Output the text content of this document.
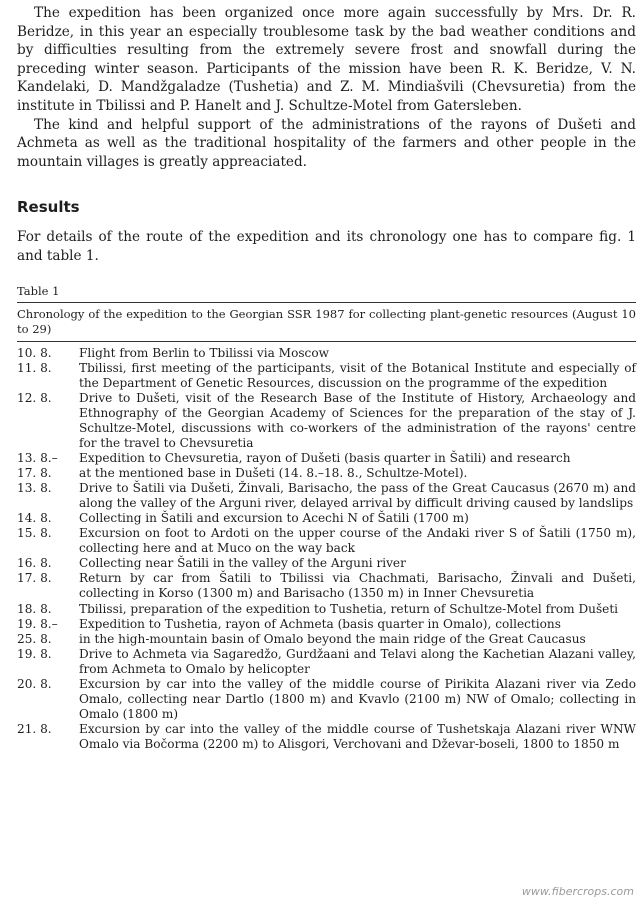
The expedition has been organized once more again successfully by Mrs. Dr. R. Beridze, in this year an especially troublesome task by the bad weather conditions and by difficulties resulting from the extremely severe frost and snowfall during the preceding winter season. Participants of the mission have been R. K. Beridze, V. N. Kandelaki, D. Mandžgaladze (Tushetia) and Z. M. Mindiašvili (Chevsuretia) from the institute in Tbilissi and P. Hanelt and J. Schultze-Motel from Gatersleben.

The kind and helpful support of the administrations of the rayons of Dušeti and Achmeta as well as the traditional hospitality of the farmers and other people in the mountain villages is greatly appreaciated.

Results

For details of the route of the expedition and its chronology one has to compare fig. 1 and table 1.

Table 1
Chronology of the expedition to the Georgian SSR 1987 for collecting plant-genetic resources (August 10 to 29)
10. 8.	Flight from Berlin to Tbilissi via Moscow
11. 8.	Tbilissi, first meeting of the participants, visit of the Botanical Institute and especially of the Department of Genetic Resources, discussion on the programme of the expedition
12. 8.	Drive to Dušeti, visit of the Research Base of the Institute of History, Archaeology and Ethnography of the Georgian Academy of Sciences for the preparation of the stay of J. Schultze-Motel, discussions with co-workers of the administration of the rayons' centre for the travel to Chevsuretia
13. 8.–	Expedition to Chevsuretia, rayon of Dušeti (basis quarter in Šatili) and research
17. 8.	at the mentioned base in Dušeti (14. 8.–18. 8., Schultze-Motel).
13. 8.	Drive to Šatili via Dušeti, Žinvali, Barisacho, the pass of the Great Caucasus (2670 m) and along the valley of the Arguni river, delayed arrival by difficult driving caused by landslips
14. 8.	Collecting in Šatili and excursion to Acechi N of Šatili (1700 m)
15. 8.	Excursion on foot to Ardoti on the upper course of the Andaki river S of Šatili (1750 m), collecting here and at Muco on the way back
16. 8.	Collecting near Šatili in the valley of the Arguni river
17. 8.	Return by car from Šatili to Tbilissi via Chachmati, Barisacho, Žinvali and Dušeti, collecting in Korso (1300 m) and Barisacho (1350 m) in Inner Chevsuretia
18. 8.	Tbilissi, preparation of the expedition to Tushetia, return of Schultze-Motel from Dušeti
19. 8.–	Expedition to Tushetia, rayon of Achmeta (basis quarter in Omalo), collections
25. 8.	in the high-mountain basin of Omalo beyond the main ridge of the Great Caucasus
19. 8.	Drive to Achmeta via Sagaredžo, Gurdžaani and Telavi along the Kachetian Alazani valley, from Achmeta to Omalo by helicopter
20. 8.	Excursion by car into the valley of the middle course of Pirikita Alazani river via Zedo Omalo, collecting near Dartlo (1800 m) and Kvavlo (2100 m) NW of Omalo; collecting in Omalo (1800 m)
21. 8.	Excursion by car into the valley of the middle course of Tushetskaja Alazani river WNW Omalo via Bočorma (2200 m) to Alisgori, Verchovani and Dževar-boseli, 1800 to 1850 m
www.fibercrops.com
